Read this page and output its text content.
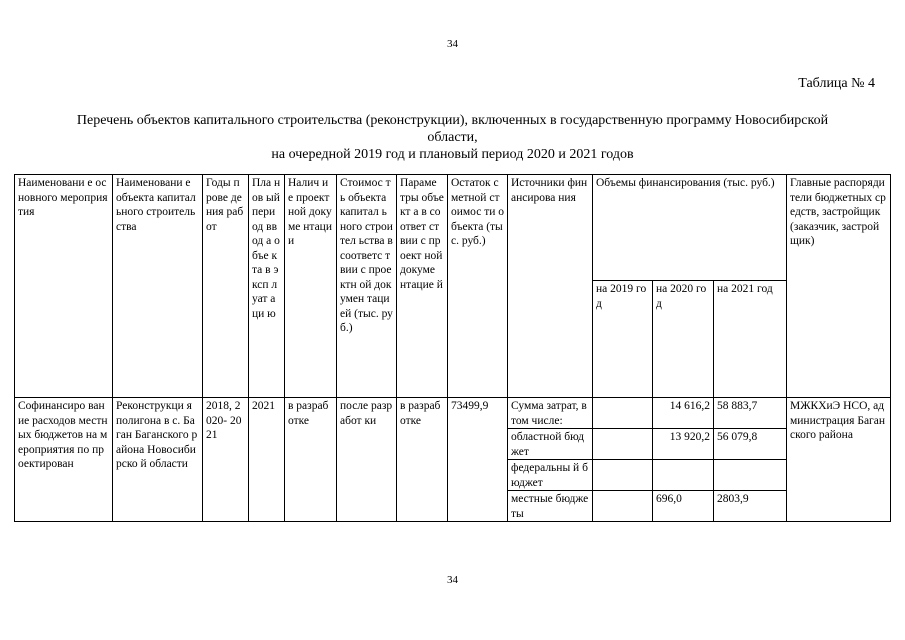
34
Таблица № 4
Перечень объектов капитального строительства (реконструкции), включенных в государственную программу Новосибирской
области,
на очередной 2019 год и плановый период 2020 и 2021 годов
Наименовани е основного мероприятия	Наименовани е объекта капитального строительства	Годы прове дения работ	Пла нов ый пери од ввод а объе кта в эксп луат аци ю	Налич ие проект ной докуме нтации	Стоимос ть объекта капитал ьного строител ьства в соответс твии с проектн ой докумен тацией (тыс. руб.)	Параме тры объект а в соответ ствии с проект ной докуме нтацие й	Остаток сметной стоимос ти объекта (тыс. руб.)	Источники финансирова ния	Объемы финансирования (тыс. руб.)			Главные распорядители бюджетных средств, застройщик (заказчик, застройщик)
									на 2019 год	на 2020 год	на 2021 год	
Софинансиро вание расходов местных бюджетов на мероприятия по проектирован	Реконструкци я полигона в с. Баган Баганского района Новосибирско й области	2018, 2020- 2021	2021	в разраб отке	после разработ ки	в разраб отке	73499,9	Сумма затрат, в том числе:		14 616,2	58 883,7	МЖКХиЭ НСО, администрация Баганского района
								областной бюджет		13 920,2	56 079,8	
								федеральны й бюджет				
								местные бюджеты		696,0	2803,9	
34
